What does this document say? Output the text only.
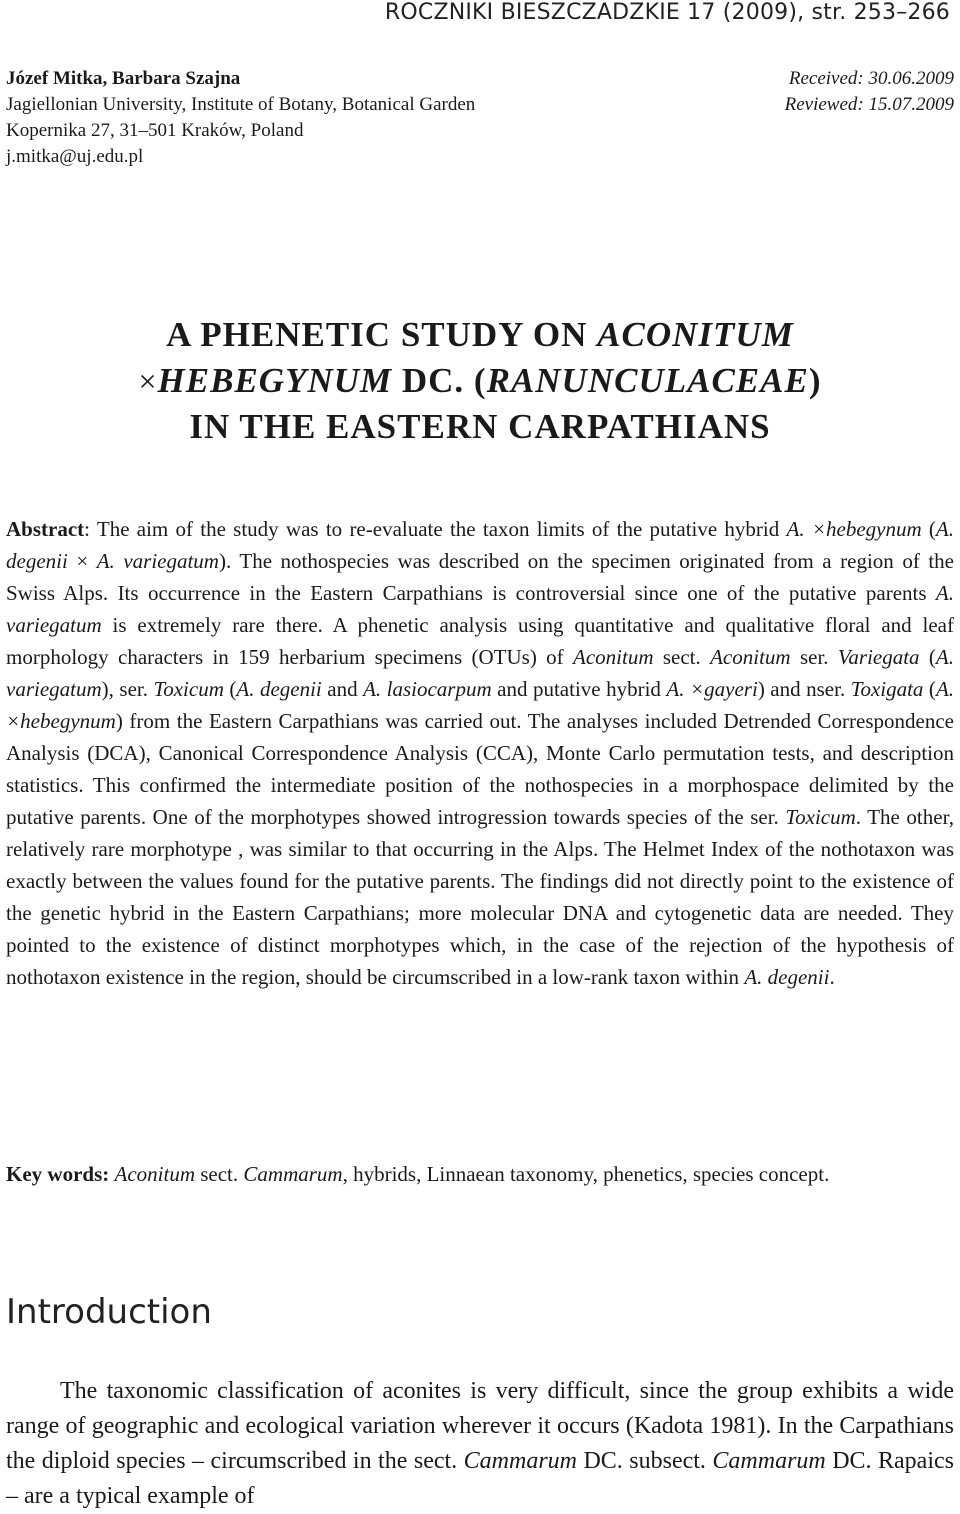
ROCZNIKI BIESZCZADZKIE 17 (2009), str. 253–266
Józef Mitka, Barbara Szajna	Received: 30.06.2009
Jagiellonian University, Institute of Botany, Botanical Garden	Reviewed: 15.07.2009
Kopernika 27, 31–501 Kraków, Poland
j.mitka@uj.edu.pl
A PHENETIC STUDY ON ACONITUM
×HEBEGYNUM DC. (RANUNCULACEAE)
IN THE EASTERN CARPATHIANS

Abstract: The aim of the study was to re-evaluate the taxon limits of the putative hybrid A. ×hebegynum (A. degenii × A. variegatum). The nothospecies was described on the specimen originated from a region of the Swiss Alps. Its occurrence in the Eastern Carpathians is controversial since one of the putative parents A. variegatum is extremely rare there. A phenetic analysis using quantitative and qualitative floral and leaf morphology characters in 159 herbarium specimens (OTUs) of Aconitum sect. Aconitum ser. Variegata (A. variegatum), ser. Toxicum (A. degenii and A. lasiocarpum and putative hybrid A. ×gayeri) and nser. Toxigata (A. ×hebegynum) from the Eastern Carpathians was carried out. The analyses included Detrended Correspondence Analysis (DCA), Canonical Correspondence Analysis (CCA), Monte Carlo permutation tests, and description statistics. This confirmed the intermediate position of the nothospecies in a morphospace delimited by the putative parents. One of the morphotypes showed introgression towards species of the ser. Toxicum. The other, relatively rare morphotype , was similar to that occurring in the Alps. The Helmet Index of the nothotaxon was exactly between the values found for the putative parents. The findings did not directly point to the existence of the genetic hybrid in the Eastern Carpathians; more molecular DNA and cytogenetic data are needed. They pointed to the existence of distinct morphotypes which, in the case of the rejection of the hypothesis of nothotaxon existence in the region, should be circumscribed in a low-rank taxon within A. degenii.

Key words: Aconitum sect. Cammarum, hybrids, Linnaean taxonomy, phenetics, species concept.

Introduction

The taxonomic classification of aconites is very difficult, since the group exhibits a wide range of geographic and ecological variation wherever it occurs (Kadota 1981). In the Carpathians the diploid species – circumscribed in the sect. Cammarum DC. subsect. Cammarum DC. Rapaics – are a typical example of
